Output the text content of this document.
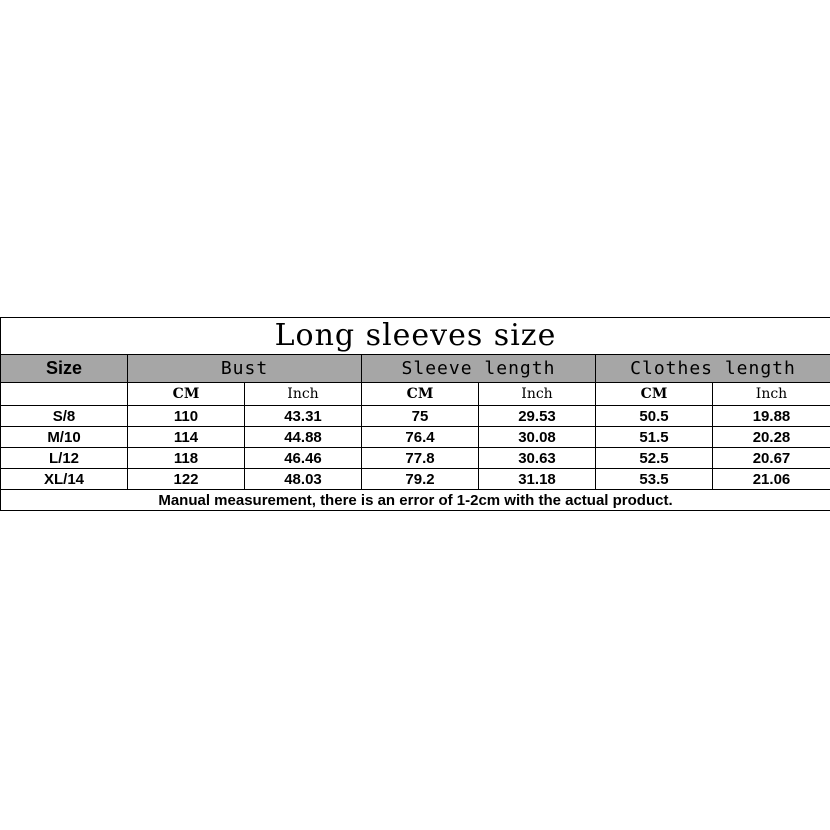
Long sleeves size						
Size	Bust		Sleeve length		Clothes length	
	CM	Inch	CM	Inch	CM	Inch
S/8	110	43.31	75	29.53	50.5	19.88
M/10	114	44.88	76.4	30.08	51.5	20.28
L/12	118	46.46	77.8	30.63	52.5	20.67
XL/14	122	48.03	79.2	31.18	53.5	21.06
Manual measurement, there is an error of 1-2cm with the actual product.						
